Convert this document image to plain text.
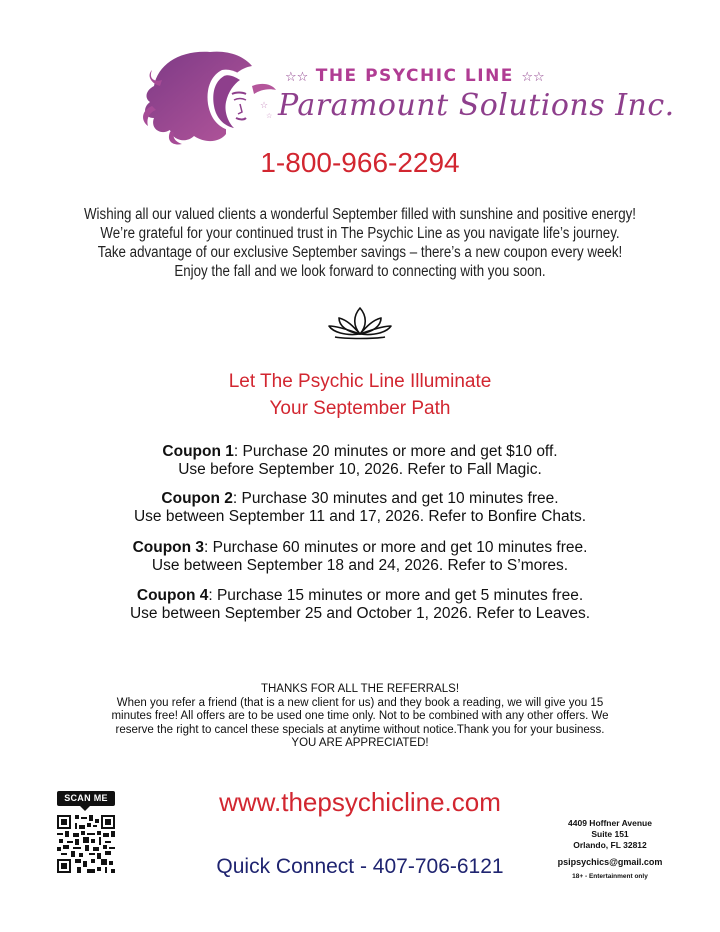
☆
☆
☆☆ THE PSYCHIC LINE ☆☆
Paramount Solutions Inc.
1-800-966-2294
Wishing all our valued clients a wonderful September filled with sunshine and positive energy!
We’re grateful for your continued trust in The Psychic Line as you navigate life’s journey.
Take advantage of our exclusive September savings – there’s a new coupon every week!
Enjoy the fall and we look forward to connecting with you soon.
Let The Psychic Line Illuminate
Your September Path
Coupon 1: Purchase 20 minutes or more and get $10 off.
Use before September 10, 2026. Refer to Fall Magic.
Coupon 2: Purchase 30 minutes and get 10 minutes free.
Use between September 11 and 17, 2026. Refer to Bonfire Chats.
Coupon 3: Purchase 60 minutes or more and get 10 minutes free.
Use between September 18 and 24, 2026. Refer to S’mores.
Coupon 4: Purchase 15 minutes or more and get 5 minutes free.
Use between September 25 and October 1, 2026. Refer to Leaves.
THANKS FOR ALL THE REFERRALS!
When you refer a friend (that is a new client for us) and they book a reading, we will give you 15
minutes free! All offers are to be used one time only. Not to be combined with any other offers. We
reserve the right to cancel these specials at anytime without notice.Thank you for your business.
YOU ARE APPRECIATED!
SCAN ME	www.thepsychicline.com
Quick Connect - 407-706-6121
4409 Hoffner Avenue
Suite 151
Orlando, FL 32812
psipsychics@gmail.com
18+ - Entertainment only
